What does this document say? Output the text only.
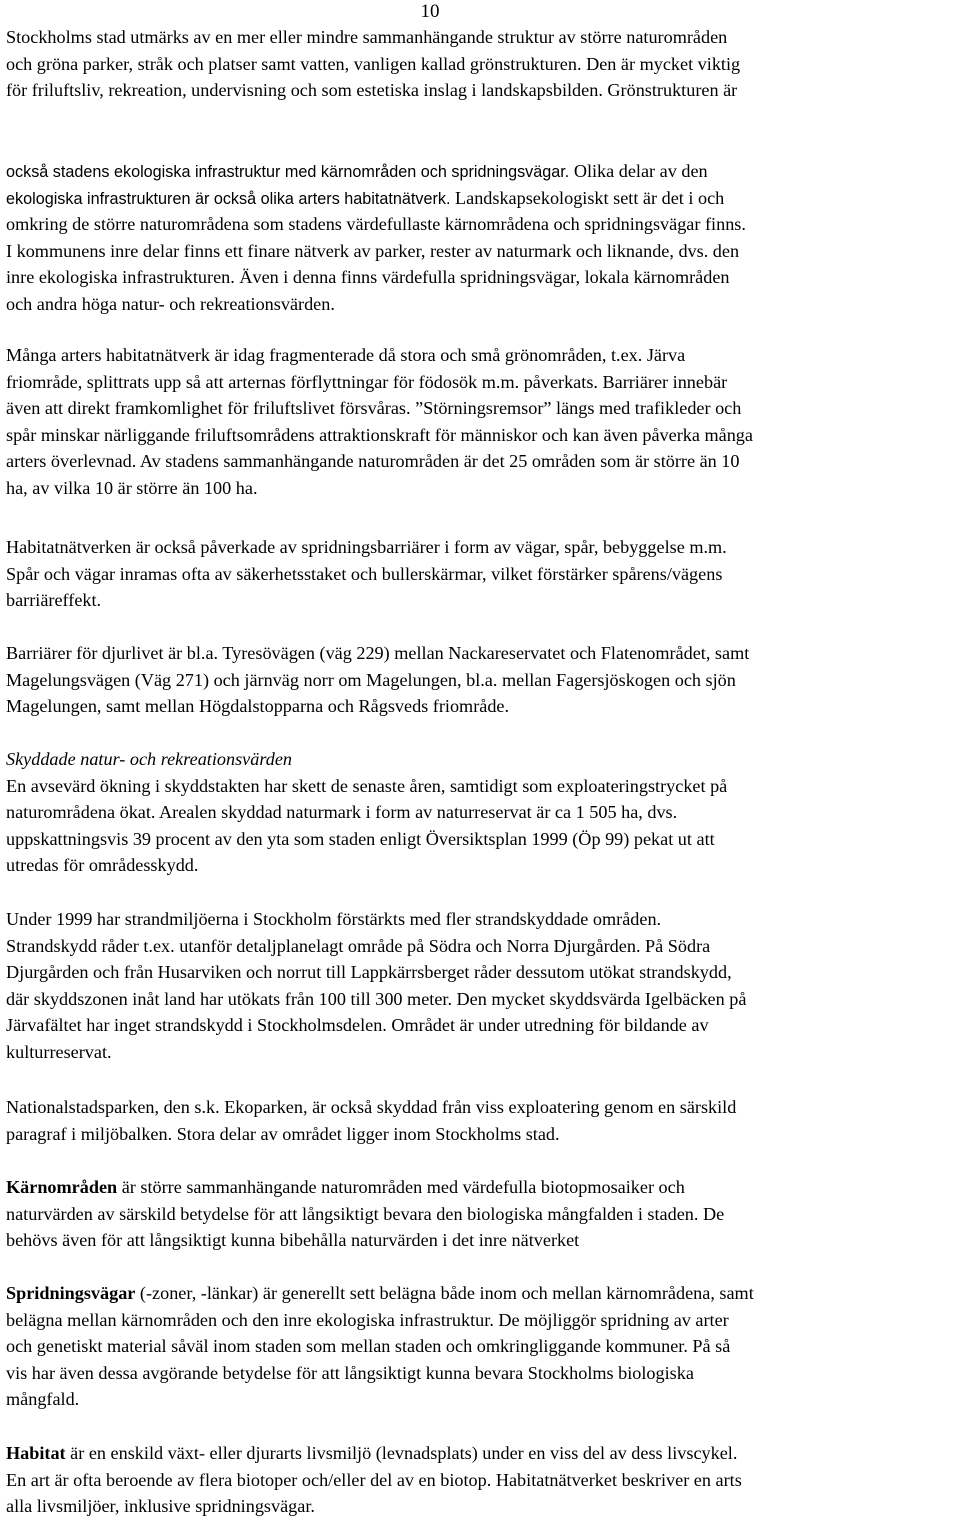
10
Stockholms stad utmärks av en mer eller mindre sammanhängande struktur av större naturområden
och gröna parker, stråk och platser samt vatten, vanligen kallad grönstrukturen. Den är mycket viktig
för friluftsliv, rekreation, undervisning och som estetiska inslag i landskapsbilden. Grönstrukturen är
också stadens ekologiska infrastruktur med kärnområden och spridningsvägar. Olika delar av den
ekologiska infrastrukturen är också olika arters habitatnätverk. Landskapsekologiskt sett är det i och
omkring de större naturområdena som stadens värdefullaste kärnområdena och spridningsvägar finns.
I kommunens inre delar finns ett finare nätverk av parker, rester av naturmark och liknande, dvs. den
inre ekologiska infrastrukturen. Även i denna finns värdefulla spridningsvägar, lokala kärnområden
och andra höga natur- och rekreationsvärden.
Många arters habitatnätverk är idag fragmenterade då stora och små grönområden, t.ex. Järva
friområde, splittrats upp så att arternas förflyttningar för födosök m.m. påverkats. Barriärer innebär
även att direkt framkomlighet för friluftslivet försvåras. ”Störningsremsor” längs med trafikleder och
spår minskar närliggande friluftsområdens attraktionskraft för människor och kan även påverka många
arters överlevnad. Av stadens sammanhängande naturområden är det 25 områden som är större än 10
ha, av vilka 10 är större än 100 ha.
Habitatnätverken är också påverkade av spridningsbarriärer i form av vägar, spår, bebyggelse m.m.
Spår och vägar inramas ofta av säkerhetsstaket och bullerskärmar, vilket förstärker spårens/vägens
barriäreffekt.
Barriärer för djurlivet är bl.a. Tyresövägen (väg 229) mellan Nackareservatet och Flatenområdet, samt
Magelungsvägen (Väg 271) och järnväg norr om Magelungen, bl.a. mellan Fagersjöskogen och sjön
Magelungen, samt mellan Högdalstopparna och Rågsveds friområde.
Skyddade natur- och rekreationsvärden
En avsevärd ökning i skyddstakten har skett de senaste åren, samtidigt som exploateringstrycket på
naturområdena ökat. Arealen skyddad naturmark i form av naturreservat är ca 1 505 ha, dvs.
uppskattningsvis 39 procent av den yta som staden enligt Översiktsplan 1999 (Öp 99) pekat ut att
utredas för områdesskydd.
Under 1999 har strandmiljöerna i Stockholm förstärkts med fler strandskyddade områden.
Strandskydd råder t.ex. utanför detaljplanelagt område på Södra och Norra Djurgården. På Södra
Djurgården och från Husarviken och norrut till Lappkärrsberget råder dessutom utökat strandskydd,
där skyddszonen inåt land har utökats från 100 till 300 meter. Den mycket skyddsvärda Igelbäcken på
Järvafältet har inget strandskydd i Stockholmsdelen. Området är under utredning för bildande av
kulturreservat.
Nationalstadsparken, den s.k. Ekoparken, är också skyddad från viss exploatering genom en särskild
paragraf i miljöbalken. Stora delar av området ligger inom Stockholms stad.
Kärnområden är större sammanhängande naturområden med värdefulla biotopmosaiker och
naturvärden av särskild betydelse för att långsiktigt bevara den biologiska mångfalden i staden. De
behövs även för att långsiktigt kunna bibehålla naturvärden i det inre nätverket
Spridningsvägar (-zoner, -länkar) är generellt sett belägna både inom och mellan kärnområdena, samt
belägna mellan kärnområden och den inre ekologiska infrastruktur. De möjliggör spridning av arter
och genetiskt material såväl inom staden som mellan staden och omkringliggande kommuner. På så
vis har även dessa avgörande betydelse för att långsiktigt kunna bevara Stockholms biologiska
mångfald.
Habitat är en enskild växt- eller djurarts livsmiljö (levnadsplats) under en viss del av dess livscykel.
En art är ofta beroende av flera biotoper och/eller del av en biotop. Habitatnätverket beskriver en arts
alla livsmiljöer, inklusive spridningsvägar.
